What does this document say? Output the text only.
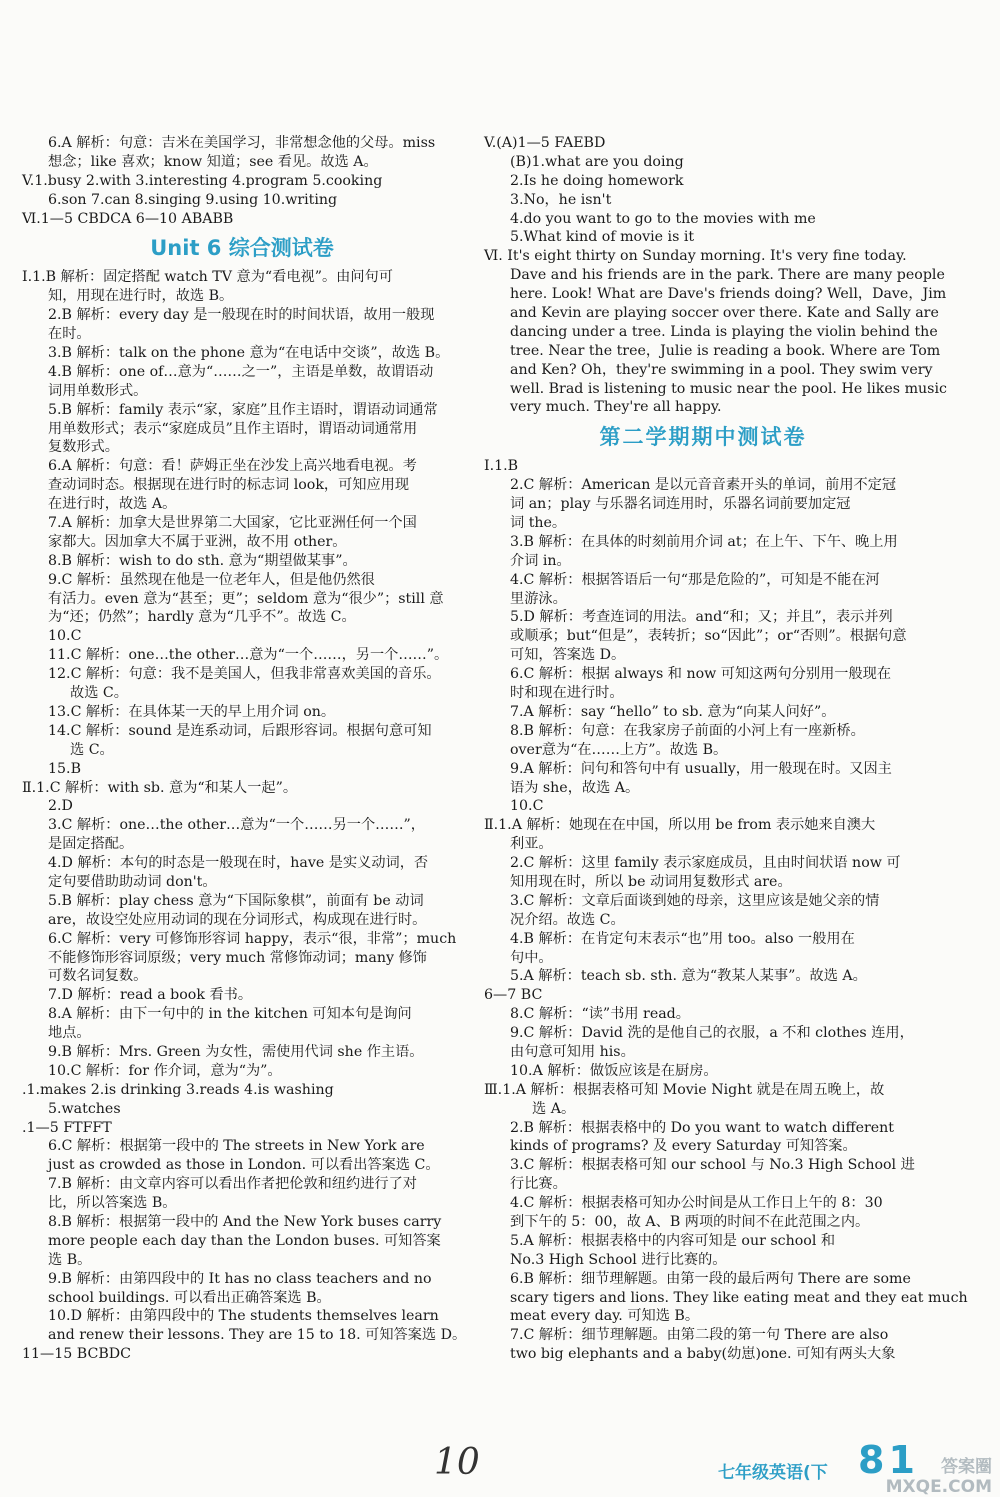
6.A 解析：句意：吉米在美国学习，非常想念他的父母。miss
想念；like 喜欢；know 知道；see 看见。故选 A。
V.1.busy 2.with 3.interesting 4.program 5.cooking
6.son 7.can 8.singing 9.using 10.writing
Ⅵ.1—5 CBDCA 6—10 ABABB
Unit 6 综合测试卷
Ⅰ.1.B 解析：固定搭配 watch TV 意为“看电视”。由问句可
知，用现在进行时，故选 B。
2.B 解析：every day 是一般现在时的时间状语，故用一般现
在时。
3.B 解析：talk on the phone 意为“在电话中交谈”，故选 B。
4.B 解析：one of…意为“……之一”，主语是单数，故谓语动
词用单数形式。
5.B 解析：family 表示“家，家庭”且作主语时，谓语动词通常
用单数形式；表示“家庭成员”且作主语时，谓语动词通常用
复数形式。
6.A 解析：句意：看！萨姆正坐在沙发上高兴地看电视。考
查动词时态。根据现在进行时的标志词 look，可知应用现
在进行时，故选 A。
7.A 解析：加拿大是世界第二大国家，它比亚洲任何一个国
家都大。因加拿大不属于亚洲，故不用 other。
8.B 解析：wish to do sth. 意为“期望做某事”。
9.C 解析：虽然现在他是一位老年人，但是他仍然很
有活力。even 意为“甚至；更”；seldom 意为“很少”；still 意
为“还；仍然”；hardly 意为“几乎不”。故选 C。
10.C
11.C 解析：one…the other…意为“一个……，另一个……”。
12.C 解析：句意：我不是美国人，但我非常喜欢美国的音乐。
故选 C。
13.C 解析：在具体某一天的早上用介词 on。
14.C 解析：sound 是连系动词，后跟形容词。根据句意可知
选 C。
15.B
Ⅱ.1.C 解析：with sb. 意为“和某人一起”。
2.D
3.C 解析：one…the other…意为“一个……另一个……”，
是固定搭配。
4.D 解析：本句的时态是一般现在时，have 是实义动词，否
定句要借助助动词 don't。
5.B 解析：play chess 意为“下国际象棋”，前面有 be 动词
are，故设空处应用动词的现在分词形式，构成现在进行时。
6.C 解析：very 可修饰形容词 happy，表示“很，非常”；much
不能修饰形容词原级；very much 常修饰动词；many 修饰
可数名词复数。
7.D 解析：read a book 看书。
8.A 解析：由下一句中的 in the kitchen 可知本句是询问
地点。
9.B 解析：Mrs. Green 为女性，需使用代词 she 作主语。
10.C 解析：for 作介词，意为“为”。
.1.makes 2.is drinking 3.reads 4.is washing
5.watches
.1—5 FTFFT
6.C 解析：根据第一段中的 The streets in New York are
just as crowded as those in London. 可以看出答案选 C。
7.B 解析：由文章内容可以看出作者把伦敦和纽约进行了对
比，所以答案选 B。
8.B 解析：根据第一段中的 And the New York buses carry
more people each day than the London buses. 可知答案
选 B。
9.B 解析：由第四段中的 It has no class teachers and no
school buildings. 可以看出正确答案选 B。
10.D 解析：由第四段中的 The students themselves learn
and renew their lessons. They are 15 to 18. 可知答案选 D。
11—15 BCBDC
V.(A)1—5 FAEBD
(B)1.what are you doing
2.Is he doing homework
3.No，he isn't
4.do you want to go to the movies with me
5.What kind of movie is it
Ⅵ. It's eight thirty on Sunday morning. It's very fine today.
Dave and his friends are in the park. There are many people
here. Look! What are Dave's friends doing? Well，Dave，Jim
and Kevin are playing soccer over there. Kate and Sally are
dancing under a tree. Linda is playing the violin behind the
tree. Near the tree，Julie is reading a book. Where are Tom
and Ken? Oh，they're swimming in a pool. They swim very
well. Brad is listening to music near the pool. He likes music
very much. They're all happy.
第二学期期中测试卷
Ⅰ.1.B
2.C 解析：American 是以元音音素开头的单词，前用不定冠
词 an；play 与乐器名词连用时，乐器名词前要加定冠
词 the。
3.B 解析：在具体的时刻前用介词 at；在上午、下午、晚上用
介词 in。
4.C 解析：根据答语后一句“那是危险的”，可知是不能在河
里游泳。
5.D 解析：考查连词的用法。and“和；又；并且”，表示并列
或顺承；but“但是”，表转折；so“因此”；or“否则”。根据句意
可知，答案选 D。
6.C 解析：根据 always 和 now 可知这两句分别用一般现在
时和现在进行时。
7.A 解析：say “hello” to sb. 意为“向某人问好”。
8.B 解析：句意：在我家房子前面的小河上有一座新桥。
over意为“在……上方”。故选 B。
9.A 解析：问句和答句中有 usually，用一般现在时。又因主
语为 she，故选 A。
10.C
Ⅱ.1.A 解析：她现在在中国，所以用 be from 表示她来自澳大
利亚。
2.C 解析：这里 family 表示家庭成员，且由时间状语 now 可
知用现在时，所以 be 动词用复数形式 are。
3.C 解析：文章后面谈到她的母亲，这里应该是她父亲的情
况介绍。故选 C。
4.B 解析：在肯定句末表示“也”用 too。also 一般用在
句中。
5.A 解析：teach sb. sth. 意为“教某人某事”。故选 A。
6—7 BC
8.C 解析：“读”书用 read。
9.C 解析：David 洗的是他自己的衣服，a 不和 clothes 连用，
由句意可知用 his。
10.A 解析：做饭应该是在厨房。
Ⅲ.1.A 解析：根据表格可知 Movie Night 就是在周五晚上，故
选 A。
2.B 解析：根据表格中的 Do you want to watch different
kinds of programs? 及 every Saturday 可知答案。
3.C 解析：根据表格可知 our school 与 No.3 High School 进
行比赛。
4.C 解析：根据表格可知办公时间是从工作日上午的 8：30
到下午的 5：00，故 A、B 两项的时间不在此范围之内。
5.A 解析：根据表格中的内容可知是 our school 和
No.3 High School 进行比赛的。
6.B 解析：细节理解题。由第一段的最后两句 There are some
scary tigers and lions. They like eating meat and they eat much
meat every day. 可知选 B。
7.C 解析：细节理解题。由第二段的第一句 There are also
two big elephants and a baby(幼崽)one. 可知有两头大象
10	七年级英语(下 81	答案圈 MXQE.COM
